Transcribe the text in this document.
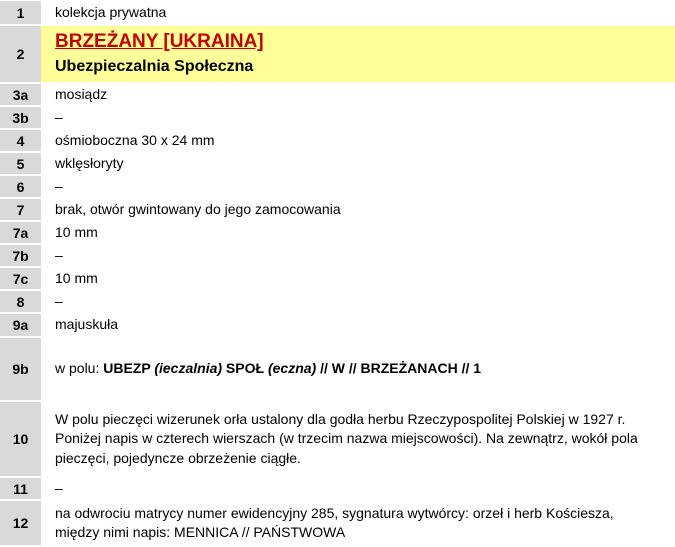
1		kolekcja prywatna
2		BRZEŻANY [UKRAINA]
Ubezpieczalnia Społeczna

3a		mosiądz
3b		–
4		ośmioboczna 30 x 24 mm
5		wklęsłoryty
6		–
7		brak, otwór gwintowany do jego zamocowania
7a		10 mm
7b		–
7c		10 mm
8		–
9a		majuskuła
9b		w polu: UBEZP (ieczalnia) SPOŁ (eczna) // W // BRZEŻANACH // 1
10		W polu pieczęci wizerunek orła ustalony dla godła herbu Rzeczypospolitej Polskiej w 1927 r. Poniżej napis w czterech wierszach (w trzecim nazwa miejscowości). Na zewnątrz, wokół pola pieczęci, pojedyncze obrzeżenie ciągłe.
11		–
12		na odwrociu matrycy numer ewidencyjny 285, sygnatura wytwórcy: orzeł i herb Kościesza, między nimi napis: MENNICA // PAŃSTWOWA
